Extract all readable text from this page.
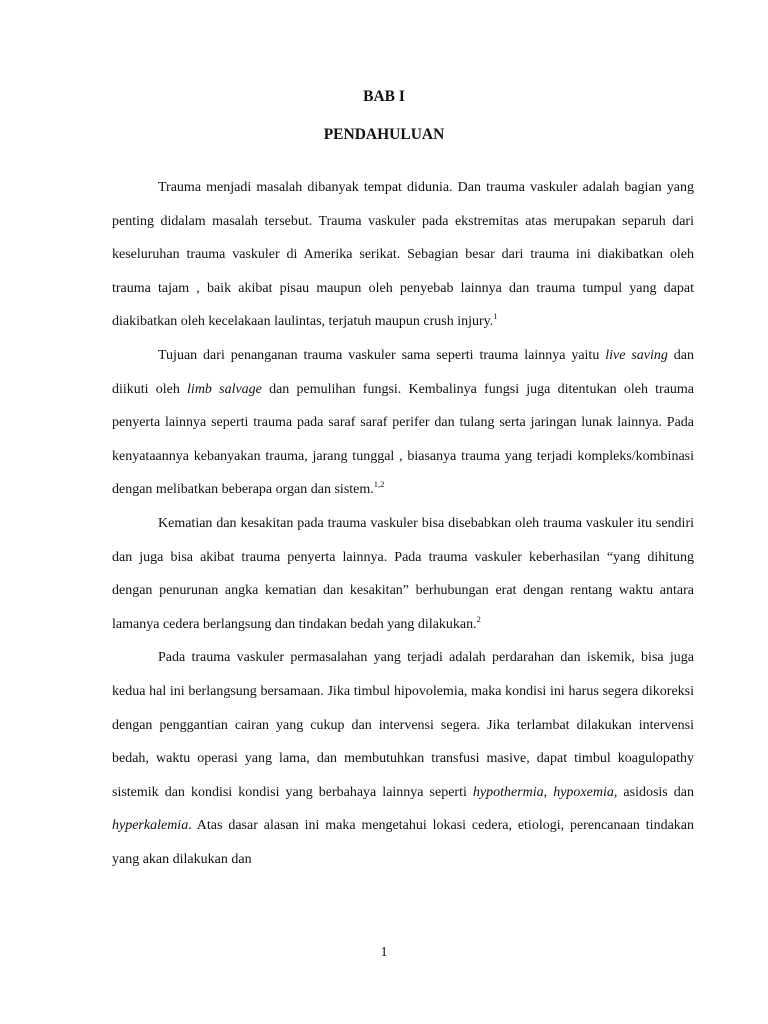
BAB I
PENDAHULUAN

Trauma menjadi masalah dibanyak tempat didunia. Dan trauma vaskuler adalah bagian yang penting didalam masalah tersebut. Trauma vaskuler pada ekstremitas atas merupakan separuh dari keseluruhan trauma vaskuler di Amerika serikat. Sebagian besar dari trauma ini diakibatkan oleh trauma tajam , baik akibat pisau maupun oleh penyebab lainnya dan trauma tumpul yang dapat diakibatkan oleh kecelakaan laulintas, terjatuh maupun crush injury.$^1$

Tujuan dari penanganan trauma vaskuler sama seperti trauma lainnya yaitu live saving dan diikuti oleh limb salvage dan pemulihan fungsi. Kembalinya fungsi juga ditentukan oleh trauma penyerta lainnya seperti trauma pada saraf saraf perifer dan tulang serta jaringan lunak lainnya. Pada kenyataannya kebanyakan trauma, jarang tunggal , biasanya trauma yang terjadi kompleks/kombinasi dengan melibatkan beberapa organ dan sistem.$^{1,2}$

Kematian dan kesakitan pada trauma vaskuler bisa disebabkan oleh trauma vaskuler itu sendiri dan juga bisa akibat trauma penyerta lainnya. Pada trauma vaskuler keberhasilan “yang dihitung dengan penurunan angka kematian dan kesakitan” berhubungan erat dengan rentang waktu antara lamanya cedera berlangsung dan tindakan bedah yang dilakukan.$^2$

Pada trauma vaskuler permasalahan yang terjadi adalah perdarahan dan iskemik, bisa juga kedua hal ini berlangsung bersamaan. Jika timbul hipovolemia, maka kondisi ini harus segera dikoreksi dengan penggantian cairan yang cukup dan intervensi segera. Jika terlambat dilakukan intervensi bedah, waktu operasi yang lama, dan membutuhkan transfusi masive, dapat timbul koagulopathy sistemik dan kondisi kondisi yang berbahaya lainnya seperti hypothermia, hypoxemia, asidosis dan hyperkalemia. Atas dasar alasan ini maka mengetahui lokasi cedera, etiologi, perencanaan tindakan yang akan dilakukan dan

1
